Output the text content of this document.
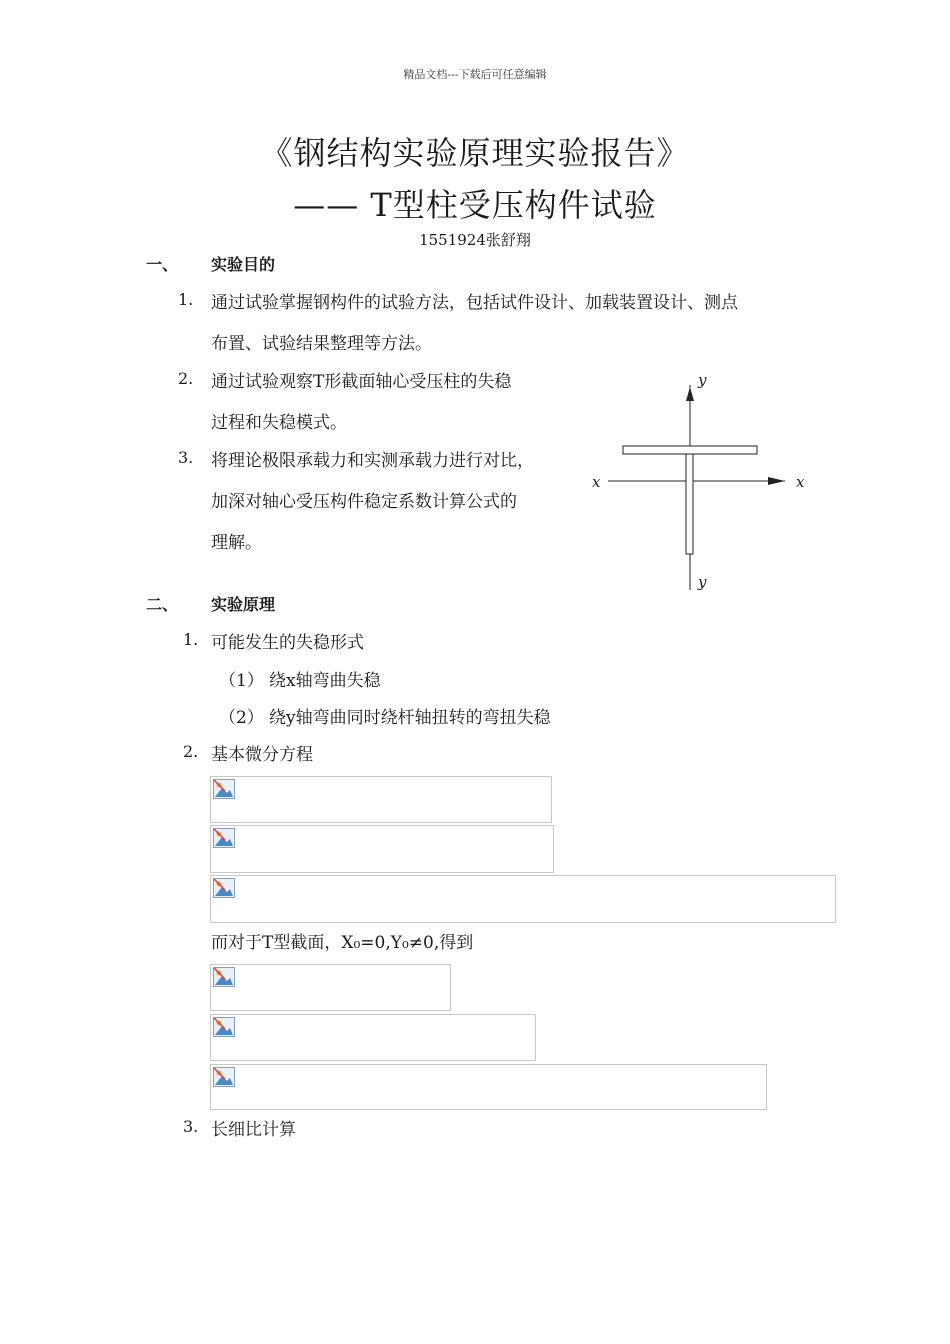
精品文档---下载后可任意编辑
《钢结构实验原理实验报告》
—— T型柱受压构件试验
1551924张舒翔
一、 实验目的
1. 通过试验掌握钢构件的试验方法，包括试件设计、加载装置设计、测点
布置、试验结果整理等方法。
2. 通过试验观察T形截面轴心受压柱的失稳
过程和失稳模式。
3. 将理论极限承载力和实测承载力进行对比，
加深对轴心受压构件稳定系数计算公式的
理解。
y
y
x	x
二、 实验原理
1. 可能发生的失稳形式
（1） 绕x轴弯曲失稳
（2） 绕y轴弯曲同时绕杆轴扭转的弯扭失稳
2. 基本微分方程
而对于T型截面，X₀=0,Y₀≠0,得到
3. 长细比计算
